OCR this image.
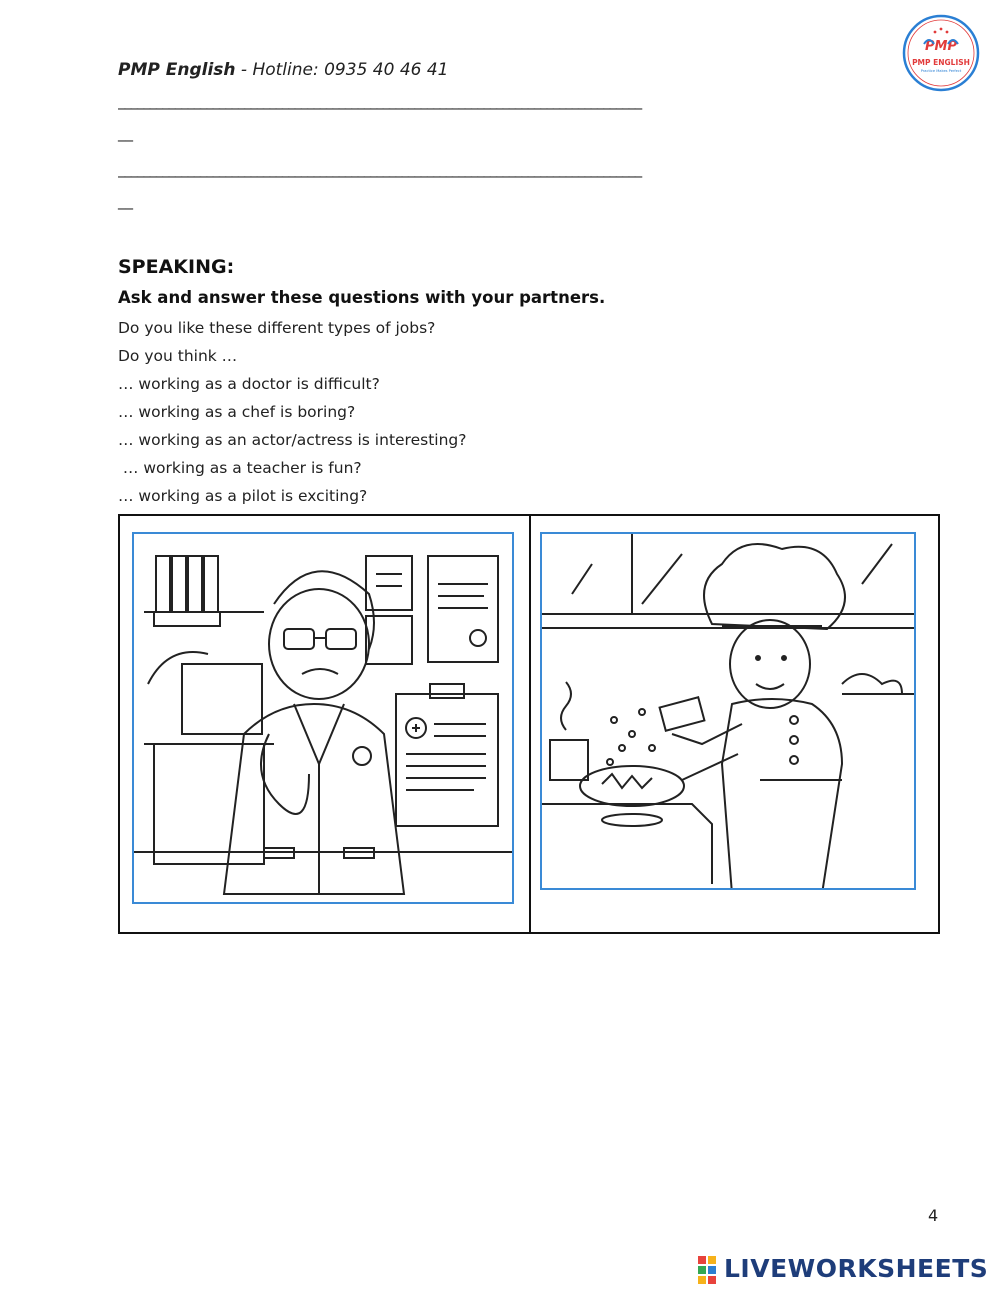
PMP English - Hotline: 0935 40 46 41
PMP
PMP ENGLISH
Practice Makes Perfect
___________________________________________________________________________________
__
___________________________________________________________________________________
__
SPEAKING:
Ask and answer these questions with your partners.
Do you like these different types of jobs?
Do you think …
… working as a doctor is difficult?
… working as a chef is boring?
… working as an actor/actress is interesting?
… working as a teacher is fun?
… working as a pilot is exciting?
4
LIVEWORKSHEETS
